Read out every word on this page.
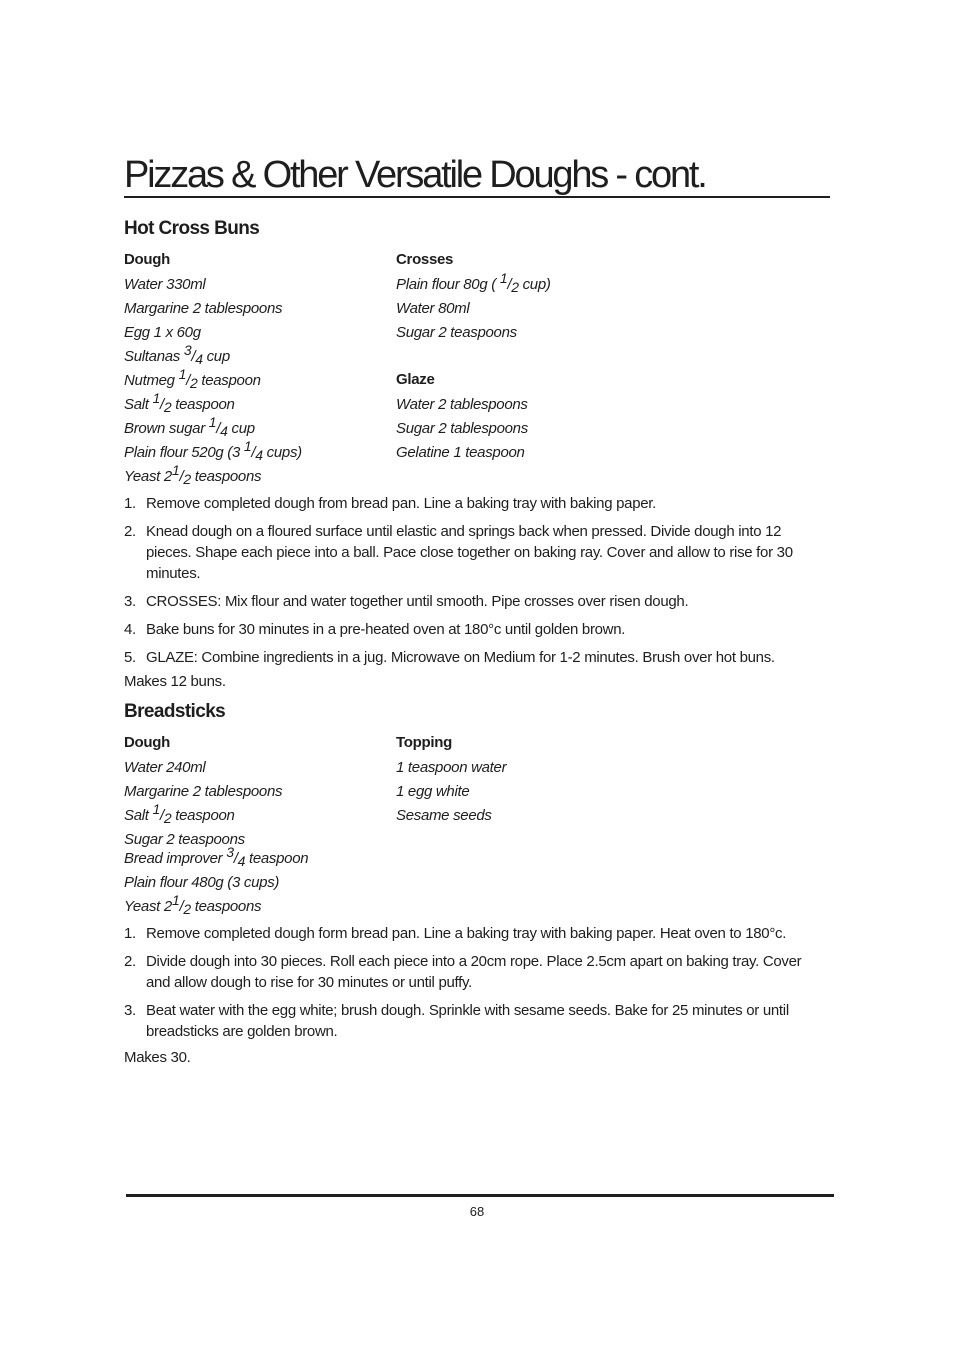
Pizzas & Other Versatile Doughs - cont.
Hot Cross Buns
Dough
Water 330ml
Margarine 2 tablespoons
Egg 1 x 60g
Sultanas $^3/_4$ cup
Nutmeg $^1/_2$ teaspoon
Salt $^1/_2$ teaspoon
Brown sugar $^1/_4$ cup
Plain flour 520g (3 $^1/_4$ cups)
Yeast $2^1/_2$ teaspoons
Crosses
Plain flour 80g ( $^1/_2$ cup)
Water 80ml
Sugar 2 teaspoons
Glaze
Water 2 tablespoons
Sugar 2 tablespoons
Gelatine 1 teaspoon
1. Remove completed dough from bread pan. Line a baking tray with baking paper.
2. Knead dough on a floured surface until elastic and springs back when pressed. Divide dough into 12 pieces. Shape each piece into a ball. Pace close together on baking ray. Cover and allow to rise for 30 minutes.
3. CROSSES: Mix flour and water together until smooth. Pipe crosses over risen dough.
4. Bake buns for 30 minutes in a pre-heated oven at 180°c until golden brown.
5. GLAZE: Combine ingredients in a jug. Microwave on Medium for 1-2 minutes. Brush over hot buns.

Makes 12 buns.

Breadsticks
Dough
Water 240ml
Margarine 2 tablespoons
Salt $^1/_2$ teaspoon
Sugar 2 teaspoons
Bread improver $^3/_4$ teaspoon
Plain flour 480g (3 cups)
Yeast $2^1/_2$ teaspoons
Topping
1 teaspoon water
1 egg white
Sesame seeds
1. Remove completed dough form bread pan. Line a baking tray with baking paper. Heat oven to 180°c.
2. Divide dough into 30 pieces. Roll each piece into a 20cm rope. Place 2.5cm apart on baking tray. Cover and allow dough to rise for 30 minutes or until puffy.
3. Beat water with the egg white; brush dough. Sprinkle with sesame seeds. Bake for 25 minutes or until breadsticks are golden brown.

Makes 30.

68
